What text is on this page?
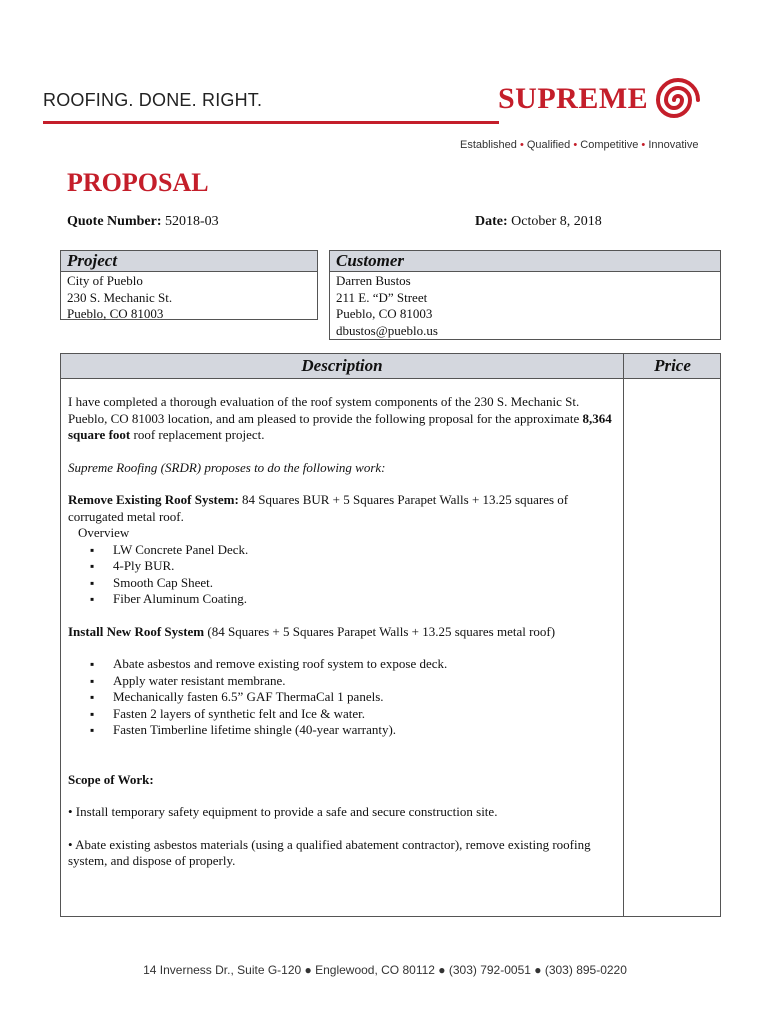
ROOFING. DONE. RIGHT.	SUPREME
Established • Qualified • Competitive • Innovative
PROPOSAL
Quote Number: 52018-03	Date: October 8, 2018
Project
City of Pueblo
230 S. Mechanic St.
Pueblo, CO 81003
Customer
Darren Bustos
211 E. “D” Street
Pueblo, CO 81003
dbustos@pueblo.us
Description	Price

I have completed a thorough evaluation of the roof system components of the 230 S. Mechanic St. Pueblo, CO 81003 location, and am pleased to provide the following proposal for the approximate 8,364 square foot roof replacement project.

Supreme Roofing (SRDR) proposes to do the following work:

Remove Existing Roof System: 84 Squares BUR + 5 Squares Parapet Walls + 13.25 squares of corrugated metal roof.

Overview

▪ LW Concrete Panel Deck.
▪ 4-Ply BUR.
▪ Smooth Cap Sheet.
▪ Fiber Aluminum Coating.

Install New Roof System (84 Squares + 5 Squares Parapet Walls + 13.25 squares metal roof)

▪ Abate asbestos and remove existing roof system to expose deck.
▪ Apply water resistant membrane.
▪ Mechanically fasten 6.5” GAF ThermaCal 1 panels.
▪ Fasten 2 layers of synthetic felt and Ice & water.
▪ Fasten Timberline lifetime shingle (40-year warranty).

Scope of Work:

• Install temporary safety equipment to provide a safe and secure construction site.

• Abate existing asbestos materials (using a qualified abatement contractor), remove existing roofing system, and dispose of properly.

14 Inverness Dr., Suite G-120 ● Englewood, CO 80112 ● (303) 792-0051 ● (303) 895-0220
